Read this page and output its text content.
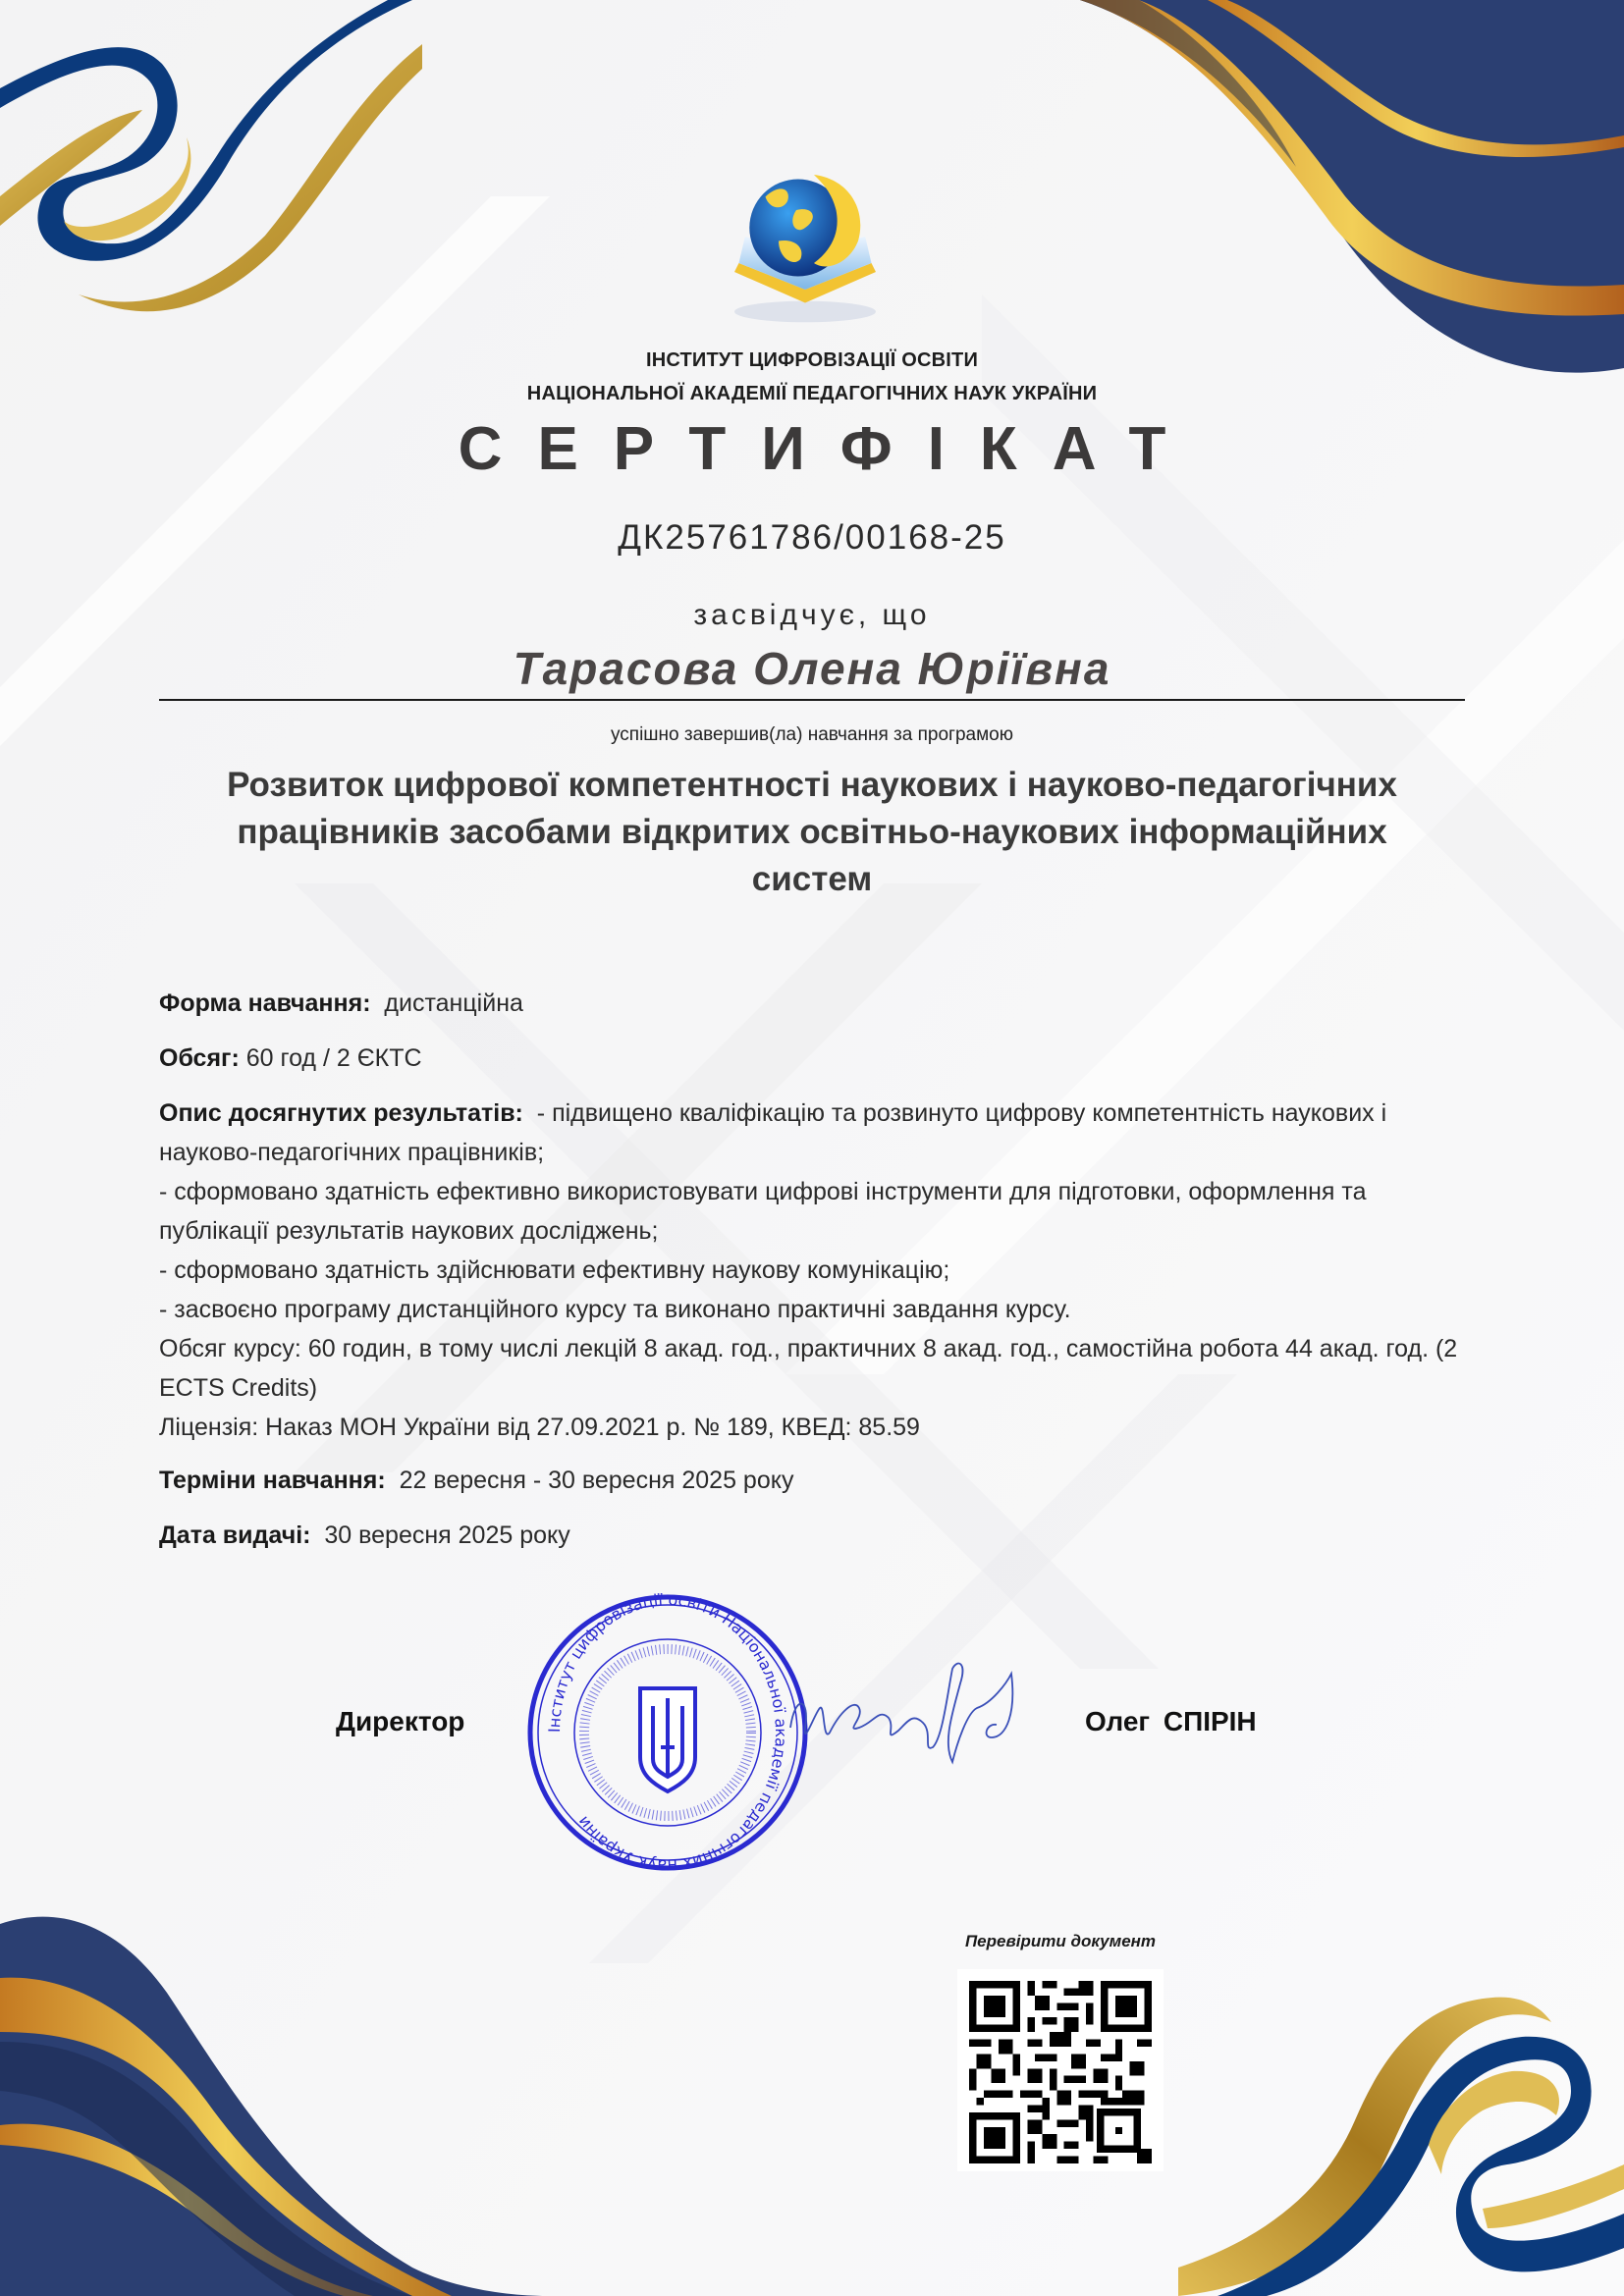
ІНСТИТУТ ЦИФРОВІЗАЦІЇ ОСВІТИ
НАЦІОНАЛЬНОЇ АКАДЕМІЇ ПЕДАГОГІЧНИХ НАУК УКРАЇНИ
СЕРТИФІКАТ
ДК25761786/00168-25
засвідчує, що
Тарасова Олена Юріївна
успішно завершив(ла) навчання за програмою
Розвиток цифрової компетентності наукових і науково-педагогічних працівників засобами відкритих освітньо-наукових інформаційних систем

Форма навчання: дистанційна

Обсяг: 60 год / 2 ЄКТС

Опис досягнутих результатів: - підвищено кваліфікацію та розвинуто цифрову компетентність наукових і науково-педагогічних працівників;
- сформовано здатність ефективно використовувати цифрові інструменти для підготовки, оформлення та публікації результатів наукових досліджень;
- сформовано здатність здійснювати ефективну наукову комунікацію;
- засвоєно програму дистанційного курсу та виконано практичні завдання курсу.
Обсяг курсу: 60 годин, в тому числі лекцій 8 акад. год., практичних 8 акад. год., самостійна робота 44 акад. год. (2 ECTS Credits)
Ліцензія: Наказ МОН України від 27.09.2021 р. № 189, КВЕД: 85.59

Терміни навчання: 22 вересня - 30 вересня 2025 року

Дата видачі: 30 вересня 2025 року

Директор	Інститут цифровізації освіти Національної академії педагогічних наук України
Олег СПІРІН
Перевірити документ
